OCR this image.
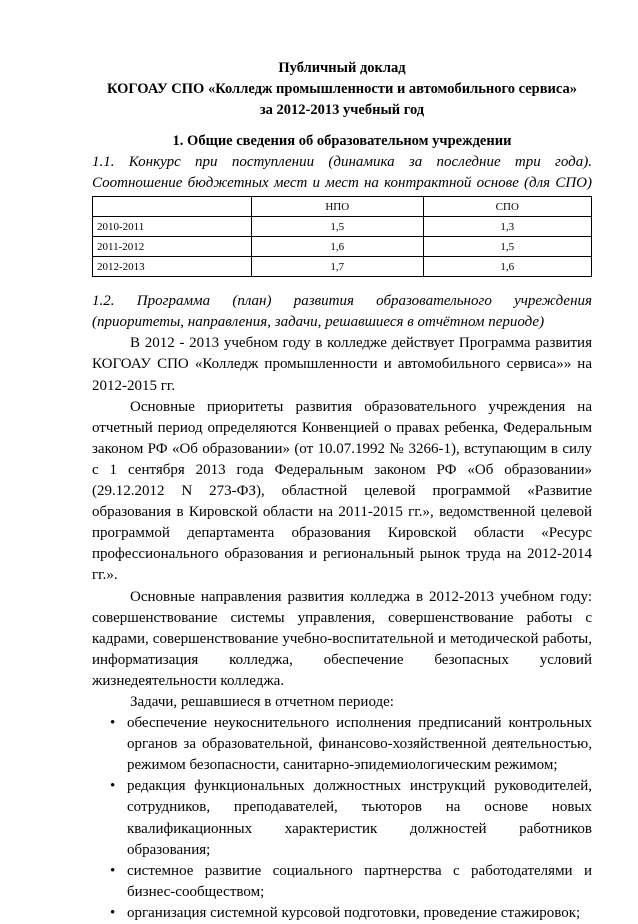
Публичный доклад
КОГОАУ СПО «Колледж промышленности и автомобильного сервиса»
за 2012-2013 учебный год
1. Общие сведения об образовательном учреждении
1.1. Конкурс при поступлении (динамика за последние три года).
Соотношение бюджетных мест и мест на контрактной основе (для СПО)
	НПО	СПО
2010-2011	1,5	1,3
2011-2012	1,6	1,5
2012-2013	1,7	1,6
1.2. Программа (план) развития образовательного учреждения
(приоритеты, направления, задачи, решавшиеся в отчётном периоде)
В 2012 - 2013 учебном году в колледже действует Программа развития КОГОАУ СПО «Колледж промышленности и автомобильного сервиса»» на 2012-2015 гг.
Основные приоритеты развития образовательного учреждения на отчетный период определяются Конвенцией о правах ребенка, Федеральным законом РФ «Об образовании» (от 10.07.1992 № 3266-1), вступающим в силу с 1 сентября 2013 года Федеральным законом РФ «Об образовании» (29.12.2012 N 273-ФЗ), областной целевой программой «Развитие образования в Кировской области на 2011-2015 гг.», ведомственной целевой программой департамента образования Кировской области «Ресурс профессионального образования и региональный рынок труда на 2012-2014 гг.».
Основные направления развития колледжа в 2012-2013 учебном году: совершенствование системы управления, совершенствование работы с кадрами, совершенствование учебно-воспитательной и методической работы, информатизация колледжа, обеспечение безопасных условий жизнедеятельности колледжа.
Задачи, решавшиеся в отчетном периоде:
• обеспечение неукоснительного исполнения предписаний контрольных органов за образовательной, финансово-хозяйственной деятельностью, режимом безопасности, санитарно-эпидемиологическим режимом;
• редакция функциональных должностных инструкций руководителей, сотрудников, преподавателей, тьюторов на основе новых квалификационных характеристик должностей работников образования;
• системное развитие социального партнерства с работодателями и бизнес-сообществом;
• организация системной курсовой подготовки, проведение стажировок;
